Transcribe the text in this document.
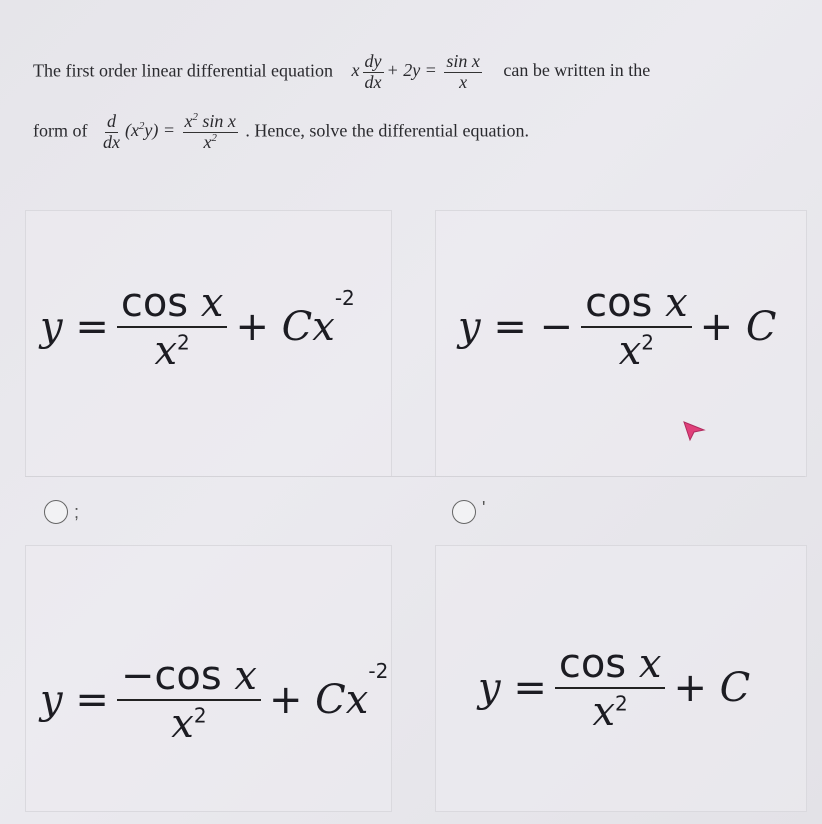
The first order linear differential equation x $\frac{dy}{dx} + 2y = \frac{\text{sin x}}{x}$ can be written in the
form of $\frac{d}{dx} (x^2y) = \frac{x^2 \sin x}{x^2}$ . Hence, solve the differential equation.
y =
cos x
$x^2 + Cx$
$^{-2}$
y = −
cos x
$x^2 + C$
;	'
y =
−cos x
$x^2 + Cx$
$^{-2}$ y =
cos x
$x^2 + C$
